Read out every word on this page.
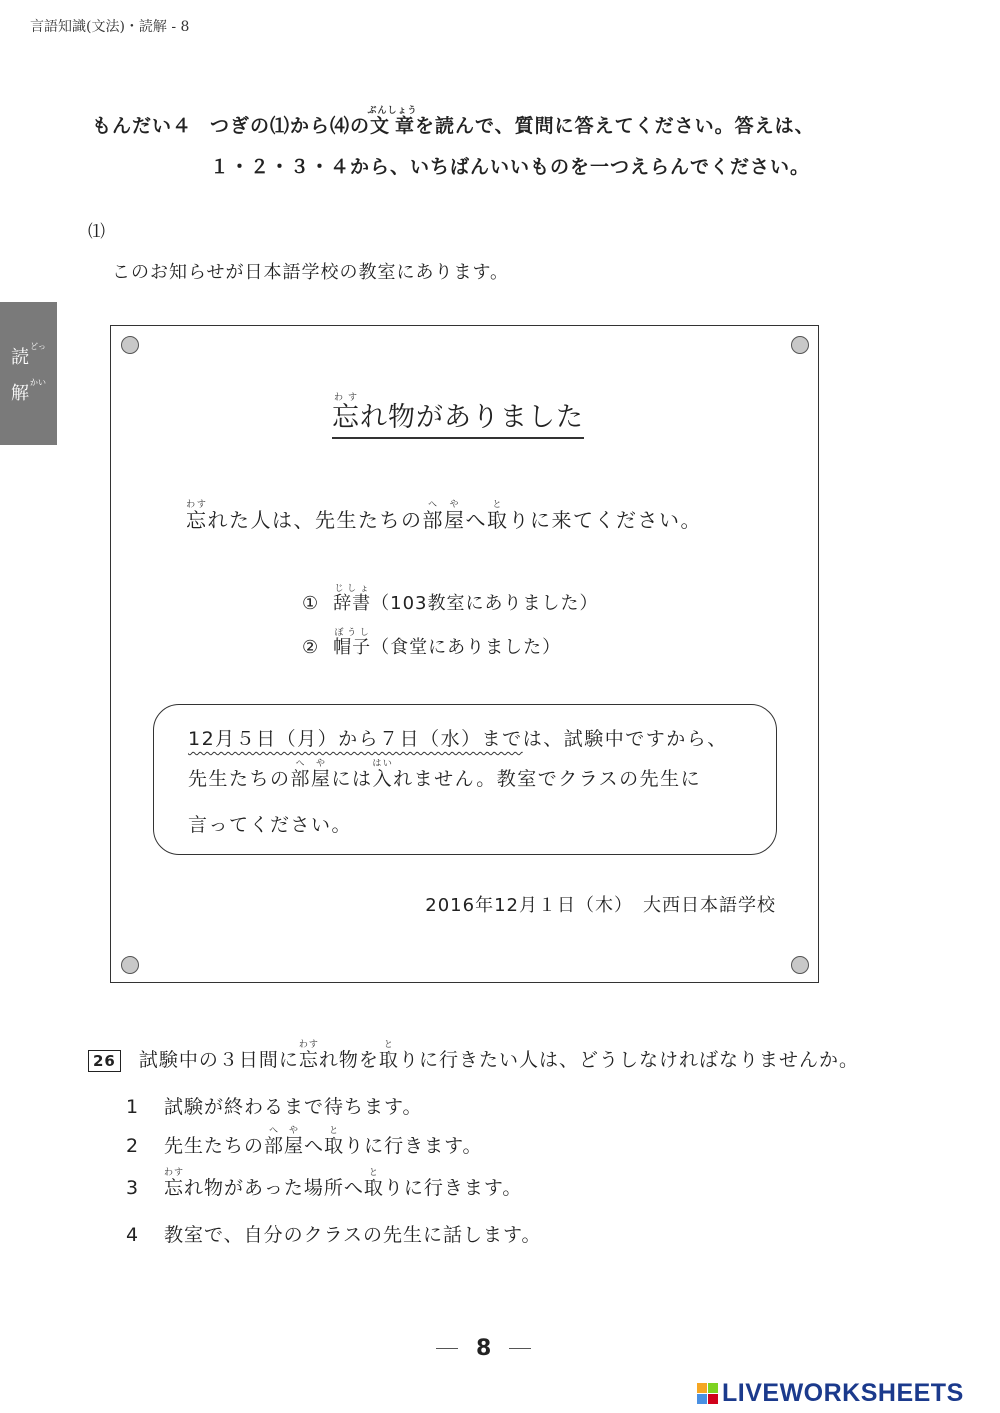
言語知識(文法)・読解 - 8
読
どっ
解
かい
もんだい４ つぎの⑴から⑷の文章ぶんしょうを読んで、質問に答えてください。答えは、
１・２・３・４から、いちばんいいものを一つえらんでください。
⑴
このお知らせが日本語学校の教室にあります。
忘わすれ物がありました
忘わすれた人は、先生たちの部へ屋やへ取とりに来てください。
① 辞書じしょ（103教室にありました）
② 帽子ぼうし（食堂にありました）
12月５日（月）から７日（水）までは、試験中ですから、
先生たちの部へ屋やには入はいれません。教室でクラスの先生に
言ってください。
2016年12月１日（木）　大西日本語学校
26 試験中の３日間に忘わすれ物を取とりに行きたい人は、どうしなければなりませんか。
1 試験が終わるまで待ちます。
2 先生たちの部へ屋やへ取とりに行きます。
3 忘わすれ物があった場所へ取とりに行きます。
4 教室で、自分のクラスの先生に話します。
8
LIVEWORKSHEETS
